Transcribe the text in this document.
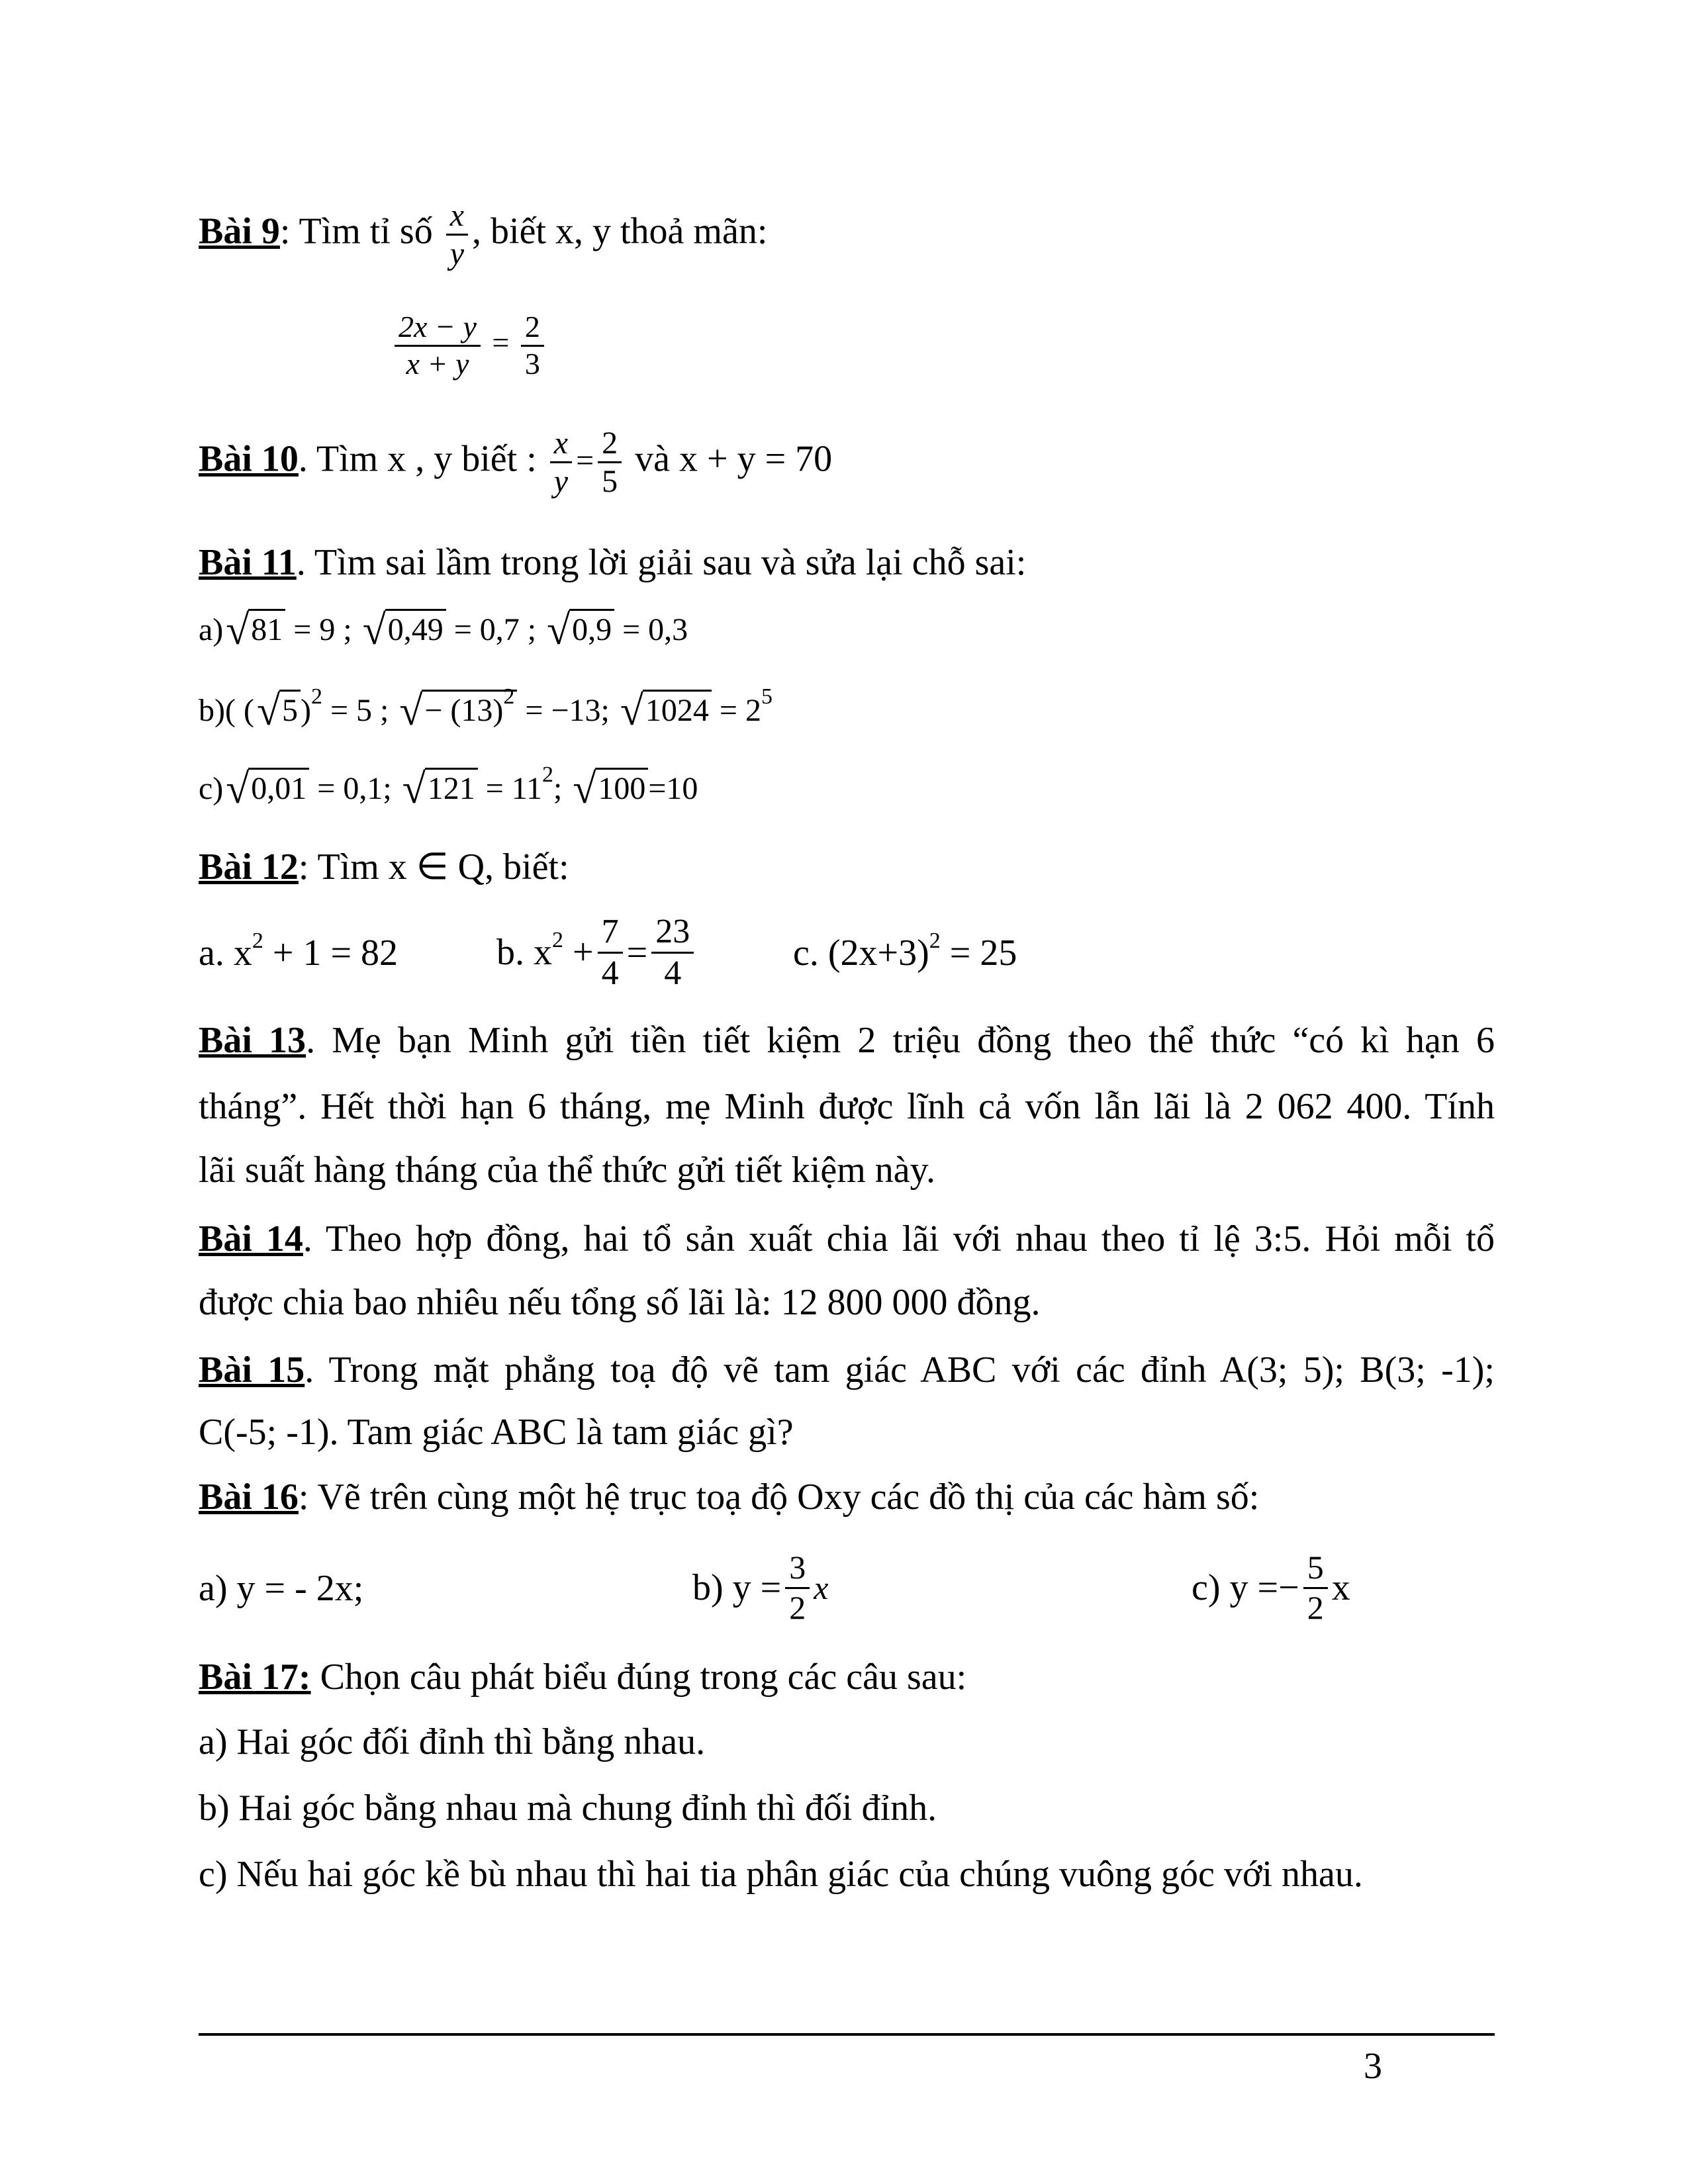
Bài 9: Tìm tỉ số $\frac{x}{y}$ , biết x, y thoả mãn:
$\frac{2x - y}{x + y} = \frac{2}{3}$
Bài 10. Tìm x , y biết : $\frac{x}{y} = \frac{2}{5}$ và x + y = 70
Bài 11. Tìm sai lầm trong lời giải sau và sửa lại chỗ sai:
a) √ 81 = 9 ; √ 0,49 = 0,7 ; √ 0,9 = 0,3
b)( ( √ 5)$^2$ = 5 ; √ − $(13)^2 = -13$; √ $1024 = 2^5$
c) √ 0,01 = 0,1; √ $121 = 11^2$; √ 100=10
Bài 12: Tìm x ∈ Q, biết:
a. $x^2 + 1 = 82$	b. $x^2 + \frac{7}{4} = \frac{23}{4}$	c. $(2x+3)^2 = 25$
Bài 13. Mẹ bạn Minh gửi tiền tiết kiệm 2 triệu đồng theo thể thức “có kì hạn 6
tháng”. Hết thời hạn 6 tháng, mẹ Minh được lĩnh cả vốn lẫn lãi là 2 062 400. Tính
lãi suất hàng tháng của thể thức gửi tiết kiệm này.
Bài 14. Theo hợp đồng, hai tổ sản xuất chia lãi với nhau theo tỉ lệ 3:5. Hỏi mỗi tổ
được chia bao nhiêu nếu tổng số lãi là: 12 800 000 đồng.
Bài 15. Trong mặt phẳng toạ độ vẽ tam giác ABC với các đỉnh A(3; 5); B(3; -1);
C(-5; -1). Tam giác ABC là tam giác gì?
Bài 16: Vẽ trên cùng một hệ trục toạ độ Oxy các đồ thị của các hàm số:
a) y = - 2x;	b) $y = \frac{3}{2}$ x	c) $y =- \frac{5}{2}$ x
Bài 17: Chọn câu phát biểu đúng trong các câu sau:
a) Hai góc đối đỉnh thì bằng nhau.
b) Hai góc bằng nhau mà chung đỉnh thì đối đỉnh.
c) Nếu hai góc kề bù nhau thì hai tia phân giác của chúng vuông góc với nhau.
3
